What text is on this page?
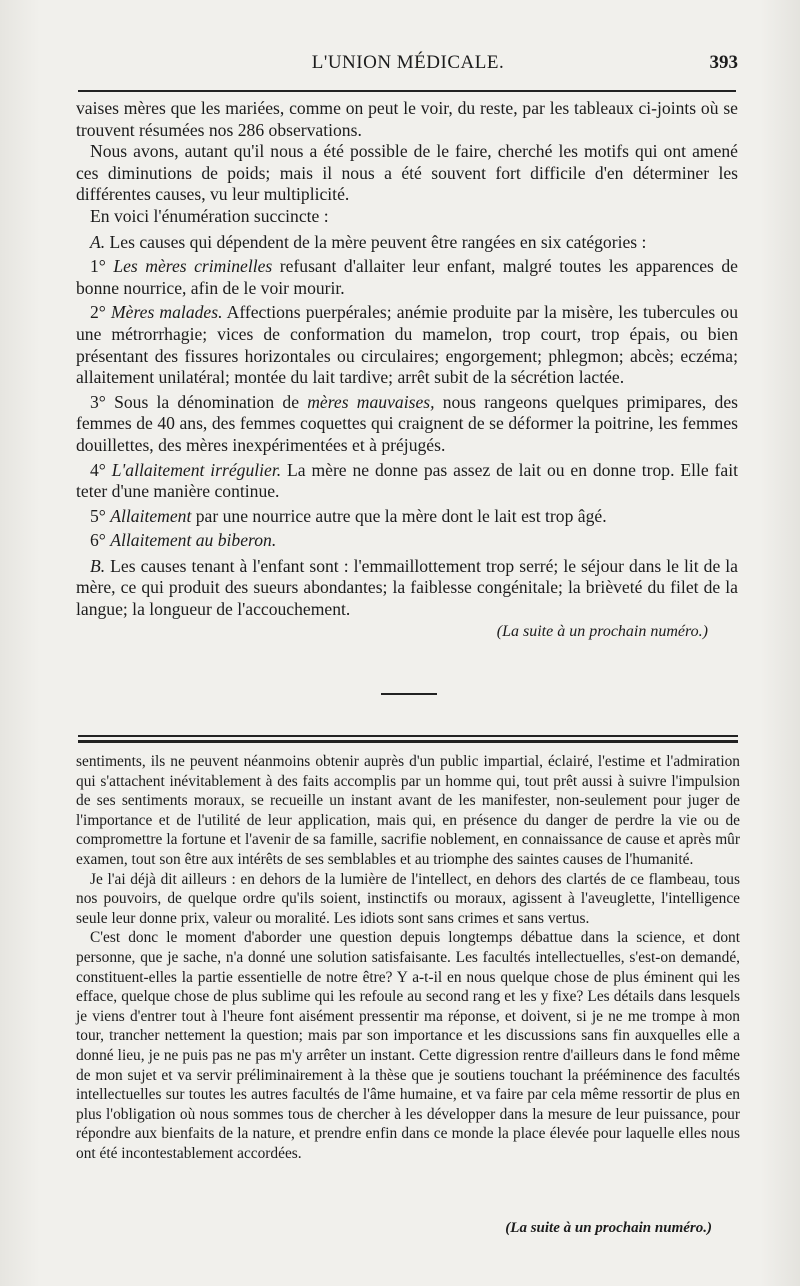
L'UNION MÉDICALE.	393

vaises mères que les mariées, comme on peut le voir, du reste, par les tableaux ci-joints où se trouvent résumées nos 286 observations.

Nous avons, autant qu'il nous a été possible de le faire, cherché les motifs qui ont amené ces diminutions de poids; mais il nous a été souvent fort difficile d'en déterminer les différentes causes, vu leur multiplicité.

En voici l'énumération succincte :

A. Les causes qui dépendent de la mère peuvent être rangées en six catégories :

1° Les mères criminelles refusant d'allaiter leur enfant, malgré toutes les apparences de bonne nourrice, afin de le voir mourir.

2° Mères malades. Affections puerpérales; anémie produite par la misère, les tubercules ou une métrorrhagie; vices de conformation du mamelon, trop court, trop épais, ou bien présentant des fissures horizontales ou circulaires; engorgement; phlegmon; abcès; eczéma; allaitement unilatéral; montée du lait tardive; arrêt subit de la sécrétion lactée.

3° Sous la dénomination de mères mauvaises, nous rangeons quelques primipares, des femmes de 40 ans, des femmes coquettes qui craignent de se déformer la poitrine, les femmes douillettes, des mères inexpérimentées et à préjugés.

4° L'allaitement irrégulier. La mère ne donne pas assez de lait ou en donne trop. Elle fait teter d'une manière continue.

5° Allaitement par une nourrice autre que la mère dont le lait est trop âgé.

6° Allaitement au biberon.

B. Les causes tenant à l'enfant sont : l'emmaillottement trop serré; le séjour dans le lit de la mère, ce qui produit des sueurs abondantes; la faiblesse congénitale; la brièveté du filet de la langue; la longueur de l'accouchement.

(La suite à un prochain numéro.)

sentiments, ils ne peuvent néanmoins obtenir auprès d'un public impartial, éclairé, l'estime et l'admiration qui s'attachent inévitablement à des faits accomplis par un homme qui, tout prêt aussi à suivre l'impulsion de ses sentiments moraux, se recueille un instant avant de les manifester, non-seulement pour juger de l'importance et de l'utilité de leur application, mais qui, en présence du danger de perdre la vie ou de compromettre la fortune et l'avenir de sa famille, sacrifie noblement, en connaissance de cause et après mûr examen, tout son être aux intérêts de ses semblables et au triomphe des saintes causes de l'humanité.

Je l'ai déjà dit ailleurs : en dehors de la lumière de l'intellect, en dehors des clartés de ce flambeau, tous nos pouvoirs, de quelque ordre qu'ils soient, instinctifs ou moraux, agissent à l'aveuglette, l'intelligence seule leur donne prix, valeur ou moralité. Les idiots sont sans crimes et sans vertus.

C'est donc le moment d'aborder une question depuis longtemps débattue dans la science, et dont personne, que je sache, n'a donné une solution satisfaisante. Les facultés intellectuelles, s'est-on demandé, constituent-elles la partie essentielle de notre être? Y a-t-il en nous quelque chose de plus éminent qui les efface, quelque chose de plus sublime qui les refoule au second rang et les y fixe? Les détails dans lesquels je viens d'entrer tout à l'heure font aisément pressentir ma réponse, et doivent, si je ne me trompe à mon tour, trancher nettement la question; mais par son importance et les discussions sans fin auxquelles elle a donné lieu, je ne puis pas ne pas m'y arrêter un instant. Cette digression rentre d'ailleurs dans le fond même de mon sujet et va servir préliminairement à la thèse que je soutiens touchant la prééminence des facultés intellectuelles sur toutes les autres facultés de l'âme humaine, et va faire par cela même ressortir de plus en plus l'obligation où nous sommes tous de chercher à les développer dans la mesure de leur puissance, pour répondre aux bienfaits de la nature, et prendre enfin dans ce monde la place élevée pour laquelle elles nous ont été incontestablement accordées.

(La suite à un prochain numéro.)
